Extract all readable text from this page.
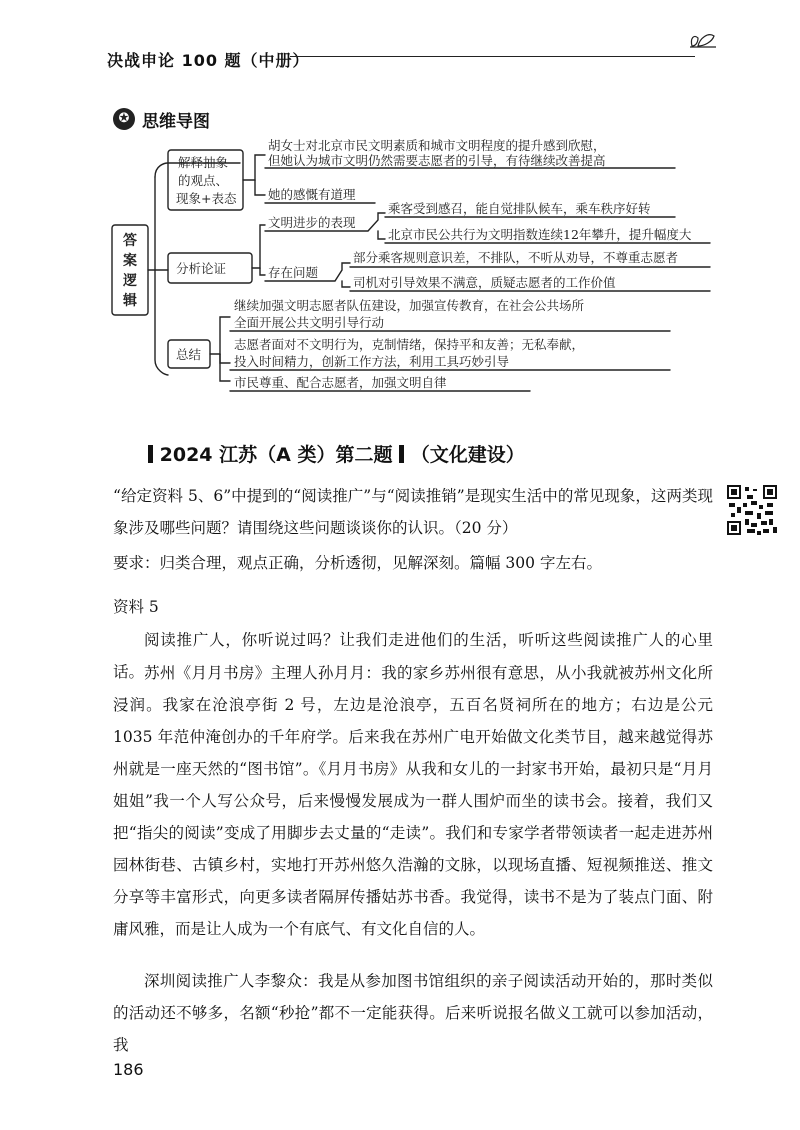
决战申论 100 题（中册）
✪ 思维导图
答
案
逻
辑
解释抽象
的观点、
现象+表态
分析论证
总结
胡女士对北京市民文明素质和城市文明程度的提升感到欣慰，
但她认为城市文明仍然需要志愿者的引导，有待继续改善提高
她的感慨有道理
文明进步的表现
乘客受到感召，能自觉排队候车，乘车秩序好转
北京市民公共行为文明指数连续12年攀升，提升幅度大
存在问题
部分乘客规则意识差，不排队，不听从劝导，不尊重志愿者
司机对引导效果不满意，质疑志愿者的工作价值
继续加强文明志愿者队伍建设，加强宣传教育，在社会公共场所
全面开展公共文明引导行动
志愿者面对不文明行为，克制情绪，保持平和友善；无私奉献，
投入时间精力，创新工作方法，利用工具巧妙引导
市民尊重、配合志愿者，加强文明自律
2024 江苏（A 类）第二题 （文化建设）

“给定资料 5、6”中提到的“阅读推广”与“阅读推销”是现实生活中的常见现象，这两类现象涉及哪些问题？请围绕这些问题谈谈你的认识。（20 分）

要求：归类合理，观点正确，分析透彻，见解深刻。篇幅 300 字左右。

资料 5

阅读推广人，你听说过吗？让我们走进他们的生活，听听这些阅读推广人的心里话。 苏州《月月书房》主理人孙月月：我的家乡苏州很有意思，从小我就被苏州文化所浸润。我家在沧浪亭街 2 号，左边是沧浪亭，五百名贤祠所在的地方；右边是公元 1035 年范仲淹创办的千年府学。后来我在苏州广电开始做文化类节目，越来越觉得苏州就是一座天然的“图书馆”。《月月书房》从我和女儿的一封家书开始，最初只是“月月姐姐”我一个人写公众号，后来慢慢发展成为一群人围炉而坐的读书会。接着，我们又把“指尖的阅读”变成了用脚步去丈量的“走读”。我们和专家学者带领读者一起走进苏州园林街巷、古镇乡村，实地打开苏州悠久浩瀚的文脉，以现场直播、短视频推送、推文分享等丰富形式，向更多读者隔屏传播姑苏书香。我觉得，读书不是为了装点门面、附庸风雅，而是让人成为一个有底气、有文化自信的人。

深圳阅读推广人李黎众：我是从参加图书馆组织的亲子阅读活动开始的，那时类似的活动还不够多，名额“秒抢”都不一定能获得。后来听说报名做义工就可以参加活动，我

186
